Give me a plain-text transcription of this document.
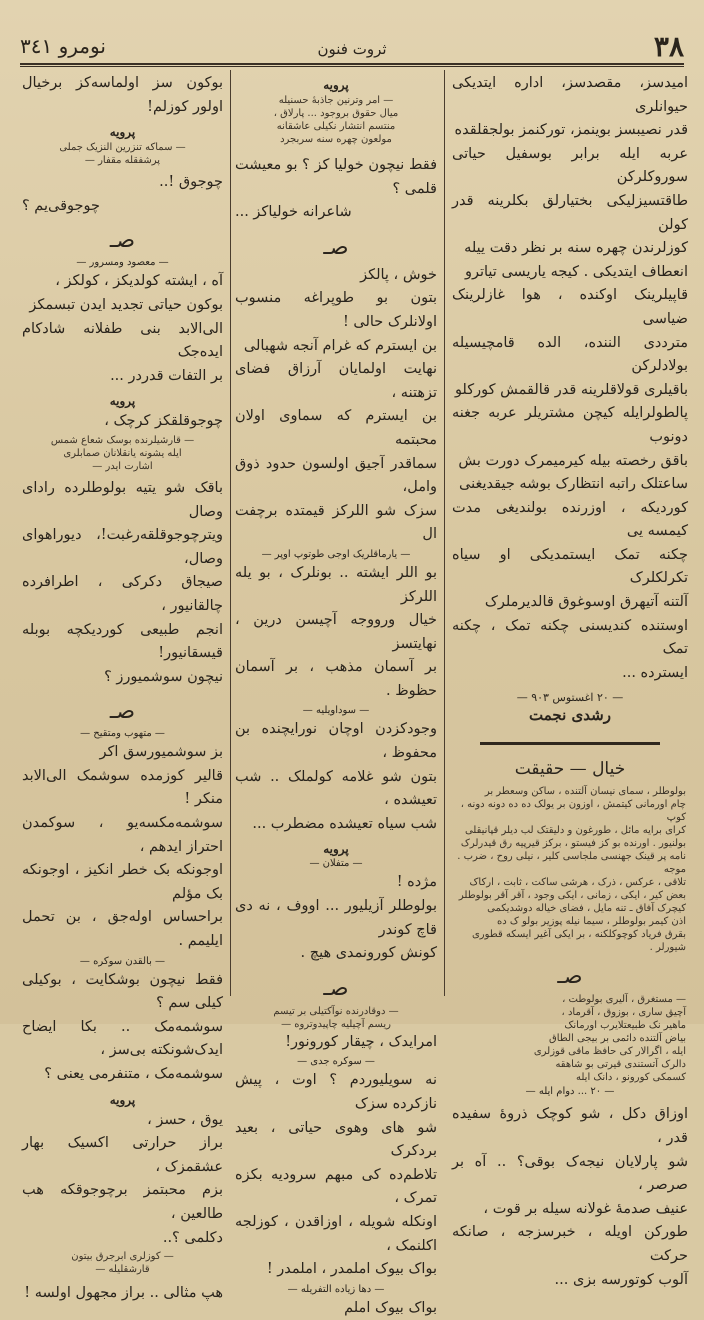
نومرو ٣٤١	ثروت فنون	٣٨

امیدسز، مقصدسز، اداره ایتدیکی حیوانلری

قدر نصیبسز بوینمز، تورکنمز بولجقلقده

عربه ایله برابر بوسفیل حیاتی سوروکلرکن

طاقتسیزلیکی بختیارلق بکلرینه قدر کولن

کوزلرندن چهره سنه بر نظر دقت ییله

انعطاف ایتدیکی . کیجه یاریسی تیاترو

قاپیلرینک اوکنده ، هوا غازلرینک ضیاسی

مترددی الننده، الده قامچیسیله بولادلرکن

باقیلری قولاقلرینه قدر قالقمش کورکلو

پالطولرایله کیچن مشتریلر عربه جغنه دونوب

باقق رخصته بیله کیرمیمرک دورت بش

ساعتلک راتبه انتظارک بوشه جیقدیغنی

کوردیکه ، اوزرنده بولندیغی مدت کیمسه یی

چکنه تمک ایستمدیکی او سیاه تکرلکلرک

آلتنه آتیهرق اوسوغوق قالدیرملرک

اوستنده کندیسنی چکنه تمک ، چکنه تمک

ایسترده ...

— ٢٠ اغستوس ٩٠٣ —
رشدی نجمت
خیال — حقیقت

بولوطلر ، سمای نیسان آلتنده ، ساکن وسعطر بر

چام اورمانی کیتمش ، اوزون بر یولک ده ده دونه دونه ، کوپ

کرای برایه مائل ، طورغون و دلیقتک لب دیلر قپانیقلی

بولنیور . اورنده بو کز فیستو ، برکز قیرپیه رق قیدرلرک

نامه پر قینک جهنسی ملجاسی کلیر ، نیلی روح ، ضرب . موجه

تلاقی ، عرکس ، ذرک ، هرشی ساکت ، ثابت ، ارکاک

بعض کیر ، ایکی ، زمانی ، ایکی وجود ، آقر آقر بولوطلر

کیچرک آفاق ـ تنه مایل ، فضای خیاله دوشدیکمی

اذن کیمر بولوطلر ، سیما نیله پوزیر بولو ک ده

بقرق فریاد کوچوکلکنه ، بر ایکی آغیر ایسکه قطوری

شیورلر .

صـ

— مستغرق ، آلیری بولوطت ،

آچیق ساری ، بوزوق ، آقرماد ،

ماهیر نک طبیعتلایرب اورمانک

بیاض آلتنده دائمی بر بیجی الطاق

ایله ، اگرالار کی حافظ ماقی قوزلری

دالرک آتستندی قیرتی بو شاهقه

کسمکی کورونو ، دانک ایله

— ٢٠ ... دوام ایله —

اوزاق دکل ، شو کوچک ذروهٔ سفیده قدر ،

شو پارلایان نیجه‌ک بوقی؟ .. آه بر صرصر ،

عنیف صدمهٔ غولانه سیله بر قوت ،

طورکن اویله ، خبرسزجه ، صانکه حرکت

آلوب کوتورسه بزی ...

پرویه

— امر وترنین جاذبهٔ حسنیله

میال حقوق بروجود ... پارلاق ،

منتسم انتشار نکیلی عاشقانه

مولعون چهره سنه سربجرد

فقط نیچون خولیا کز ؟ بو معیشت قلمی ؟

شاعرانه خولیاکز ...

صـ

خوش ، پالکز

بتون بو طوپراغه منسوب اولانلرک حالی !

بن ایسترم که غرام آنجه شهبالی

نهایت اولمایان آرزاق فضای تزهتنه ،

بن ایسترم که سماوی اولان محبتمه

سماقدر آجیق اولسون حدود ذوق وامل،

سزک شو اللرکز قیمتده برچفت ال

— یارماقلریک اوجی طوتوپ اوپر —

بو اللر ایشته .. بونلرک ، بو یله اللرکز

خیال ورووجه آچیسن درین ، نهایتسز

بر آسمان مذهب ، بر آسمان حظوظ .

— سوداویلیه —

وجودکزدن اوچان نورایچنده بن محفوظ ،

بتون شو غلامه کولملک .. شب تعیشده ،

شب سیاه تعیشده مضطرب ...

پرویه
— متفلان —

مژده !

بولوطلر آزیلیور ... اووف ، نه دی قاچ کوندر

کونش کورونمدی هیچ .

صـ

— دوقادرنده نوآکتیلی بر تیسم

ریسم آچیلیه چاپیدوتروه —

امرایدک ، چیقار کورونور!

— سوکره جدی —

نه سویلیوردم ؟ اوت ، پیش نازکرده سزک

شو های وهوی حیاتی ، بعید بردکرک

تلاطم‌ده کی مبهم سرودیه بکزه تمرک ،

اونکله شویله ، اوزاقدن ، کوزلجه اکلنمک ،

بواک بیوک املمدر ، املمدر !

— دها زیاده التفریله —

بواک بیوک املم

بوکون سز اولماسه‌کز برخیال اولور کوزلم!

پرویه

— سماکه تنزرین النزیک جملی

پرشفقله مقفار —

چوجوق !..

چوجوقی‌یم ؟

صـ
— معصود ومسرور —

آه ، ایشته کولدیکز ، کولکز ،

بوکون حیاتی تجدید ایدن تبسمکز

الی‌الابد بنی طفلانه شادکام ایده‌جک

بر التفات قدردر ...

پرویه

چوجوقلقکز کرچک ،

— قارشیلرنده بوسک شعاع شمس

ایله یشونه یانقلانان صمابلری

اشارت ایدر —

باقک شو یتیه بولوطلرده رادای وصال

ویترچوجوقلقه‌رغبت!، دیوراهوای وصال،

صیجاق دکرکی ، اطرافرده چالقانیور ،

انجم طبیعی کوردیکچه بوبله قیسقانیور!

نیچون سوشمیورز ؟

صـ
— متهوب ومتقیح —

بز سوشمیورسق اکر

قالیر کوزمده سوشمک الی‌الابد منکر !

سوشمه‌مکسه‌یو ، سوکمدن احتراز ایدهم ،

اوجونکه بک خطر انکیز ، اوجونکه بک مؤلم

براحساس اوله‌جق ، بن تحمل ایلیمم .

— بالقدن سوکره —

فقط نیچون بوشکایت ، بوکیلی کیلی سم ؟

سوشمه‌مک .. بکا ایضاح ایدک‌شونکته بی‌سز ،

سوشمه‌مک ، متنفرمی یعنی ؟

پرویه

یوق ، حسز ،

براز حرارتی اکسیک بهار عشقمزک ،

بزم محبتمز برچوجوقکه هب طالعین ،

دکلمی ؟..

— کوزلری ابرجرق بیتون

قارشقلیله —

هپ مثالی .. براز مجهول اولسه !
